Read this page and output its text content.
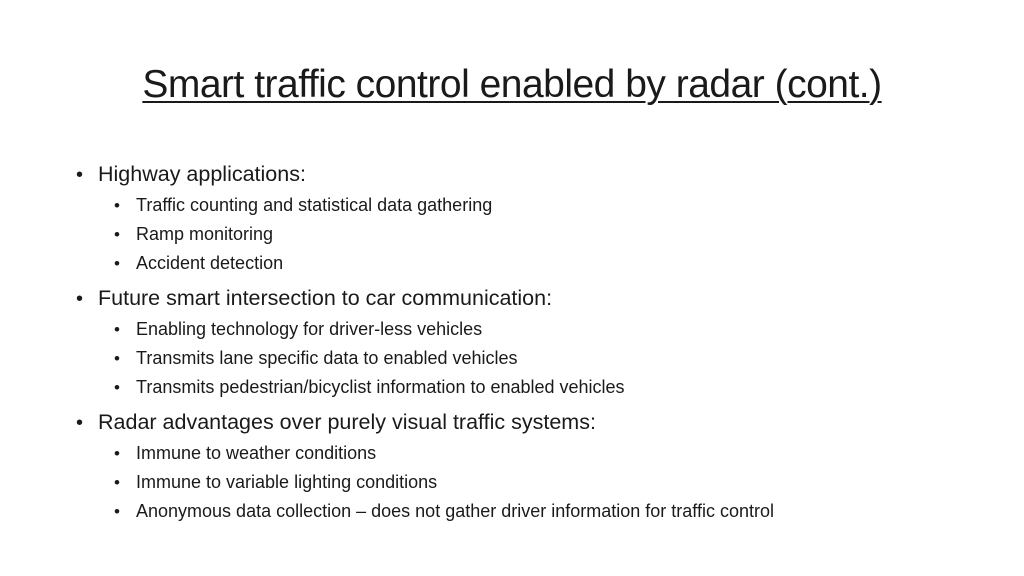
Smart traffic control enabled by radar (cont.)
• Highway applications:
• Traffic counting and statistical data gathering
• Ramp monitoring
• Accident detection
• Future smart intersection to car communication:
• Enabling technology for driver-less vehicles
• Transmits lane specific data to enabled vehicles
• Transmits pedestrian/bicyclist information to enabled vehicles
• Radar advantages over purely visual traffic systems:
• Immune to weather conditions
• Immune to variable lighting conditions
• Anonymous data collection – does not gather driver information for traffic control
